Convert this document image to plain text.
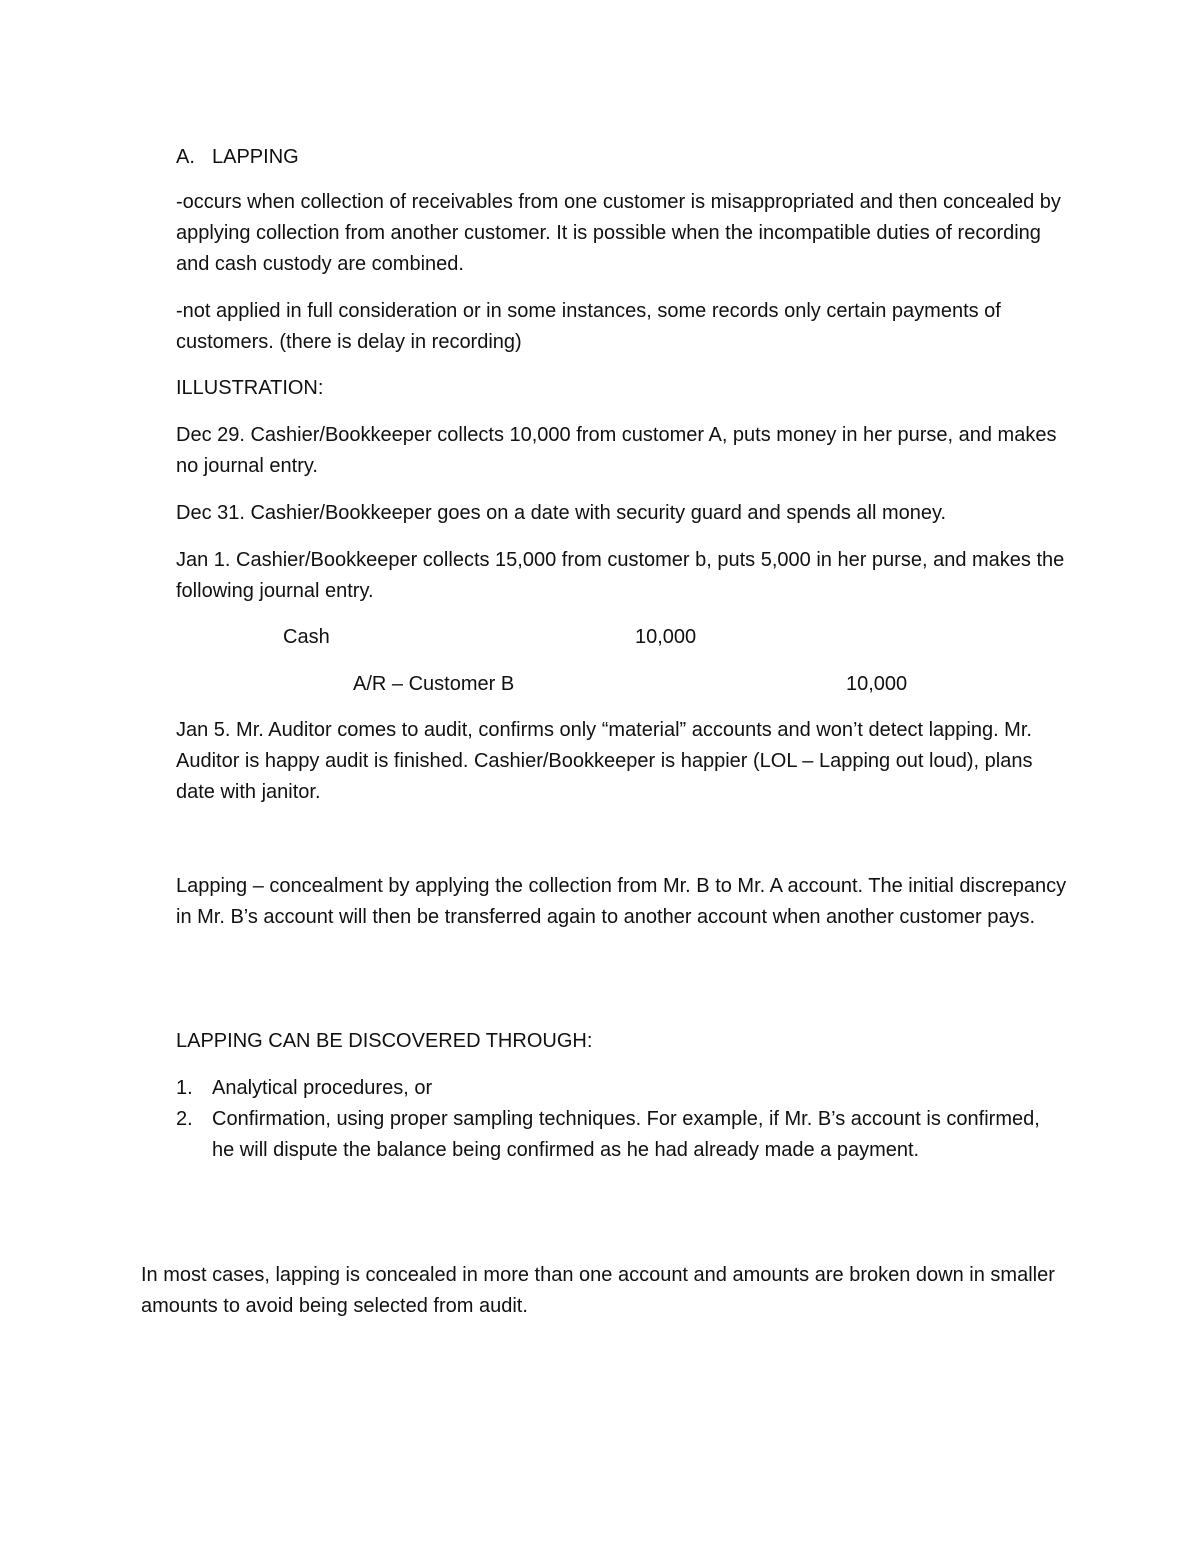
A. LAPPING

-occurs when collection of receivables from one customer is misappropriated and then concealed by applying collection from another customer. It is possible when the incompatible duties of recording and cash custody are combined.

-not applied in full consideration or in some instances, some records only certain payments of customers. (there is delay in recording)

ILLUSTRATION:

Dec 29. Cashier/Bookkeeper collects 10,000 from customer A, puts money in her purse, and makes no journal entry.

Dec 31. Cashier/Bookkeeper goes on a date with security guard and spends all money.

Jan 1. Cashier/Bookkeeper collects 15,000 from customer b, puts 5,000 in her purse, and makes the following journal entry.

Cash	10,000
A/R – Customer B	10,000

Jan 5. Mr. Auditor comes to audit, confirms only “material” accounts and won’t detect lapping. Mr. Auditor is happy audit is finished. Cashier/Bookkeeper is happier (LOL – Lapping out loud), plans date with janitor.

Lapping – concealment by applying the collection from Mr. B to Mr. A account. The initial discrepancy in Mr. B’s account will then be transferred again to another account when another customer pays.

LAPPING CAN BE DISCOVERED THROUGH:

1. Analytical procedures, or

2. Confirmation, using proper sampling techniques. For example, if Mr. B’s account is confirmed, he will dispute the balance being confirmed as he had already made a payment.

In most cases, lapping is concealed in more than one account and amounts are broken down in smaller amounts to avoid being selected from audit.
